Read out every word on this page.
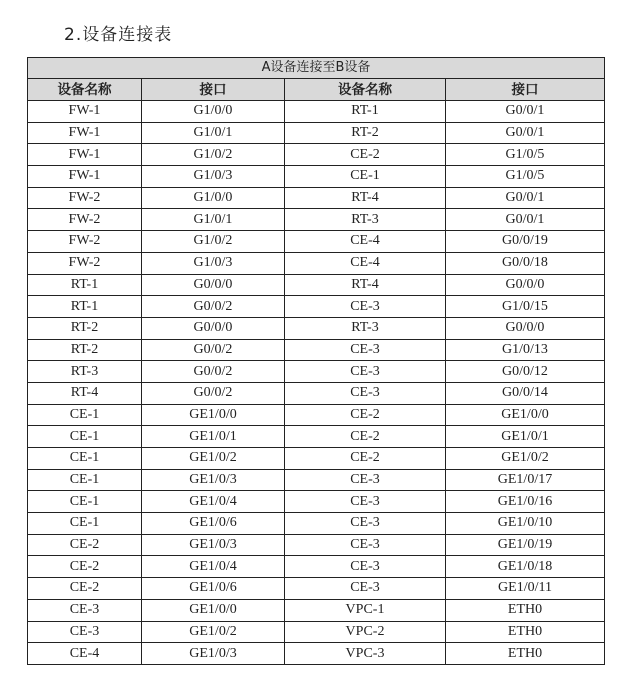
2.设备连接表
A设备连接至B设备			
设备名称	接口	设备名称	接口
FW-1	G1/0/0	RT-1	G0/0/1
FW-1	G1/0/1	RT-2	G0/0/1
FW-1	G1/0/2	CE-2	G1/0/5
FW-1	G1/0/3	CE-1	G1/0/5
FW-2	G1/0/0	RT-4	G0/0/1
FW-2	G1/0/1	RT-3	G0/0/1
FW-2	G1/0/2	CE-4	G0/0/19
FW-2	G1/0/3	CE-4	G0/0/18
RT-1	G0/0/0	RT-4	G0/0/0
RT-1	G0/0/2	CE-3	G1/0/15
RT-2	G0/0/0	RT-3	G0/0/0
RT-2	G0/0/2	CE-3	G1/0/13
RT-3	G0/0/2	CE-3	G0/0/12
RT-4	G0/0/2	CE-3	G0/0/14
CE-1	GE1/0/0	CE-2	GE1/0/0
CE-1	GE1/0/1	CE-2	GE1/0/1
CE-1	GE1/0/2	CE-2	GE1/0/2
CE-1	GE1/0/3	CE-3	GE1/0/17
CE-1	GE1/0/4	CE-3	GE1/0/16
CE-1	GE1/0/6	CE-3	GE1/0/10
CE-2	GE1/0/3	CE-3	GE1/0/19
CE-2	GE1/0/4	CE-3	GE1/0/18
CE-2	GE1/0/6	CE-3	GE1/0/11
CE-3	GE1/0/0	VPC-1	ETH0
CE-3	GE1/0/2	VPC-2	ETH0
CE-4	GE1/0/3	VPC-3	ETH0
